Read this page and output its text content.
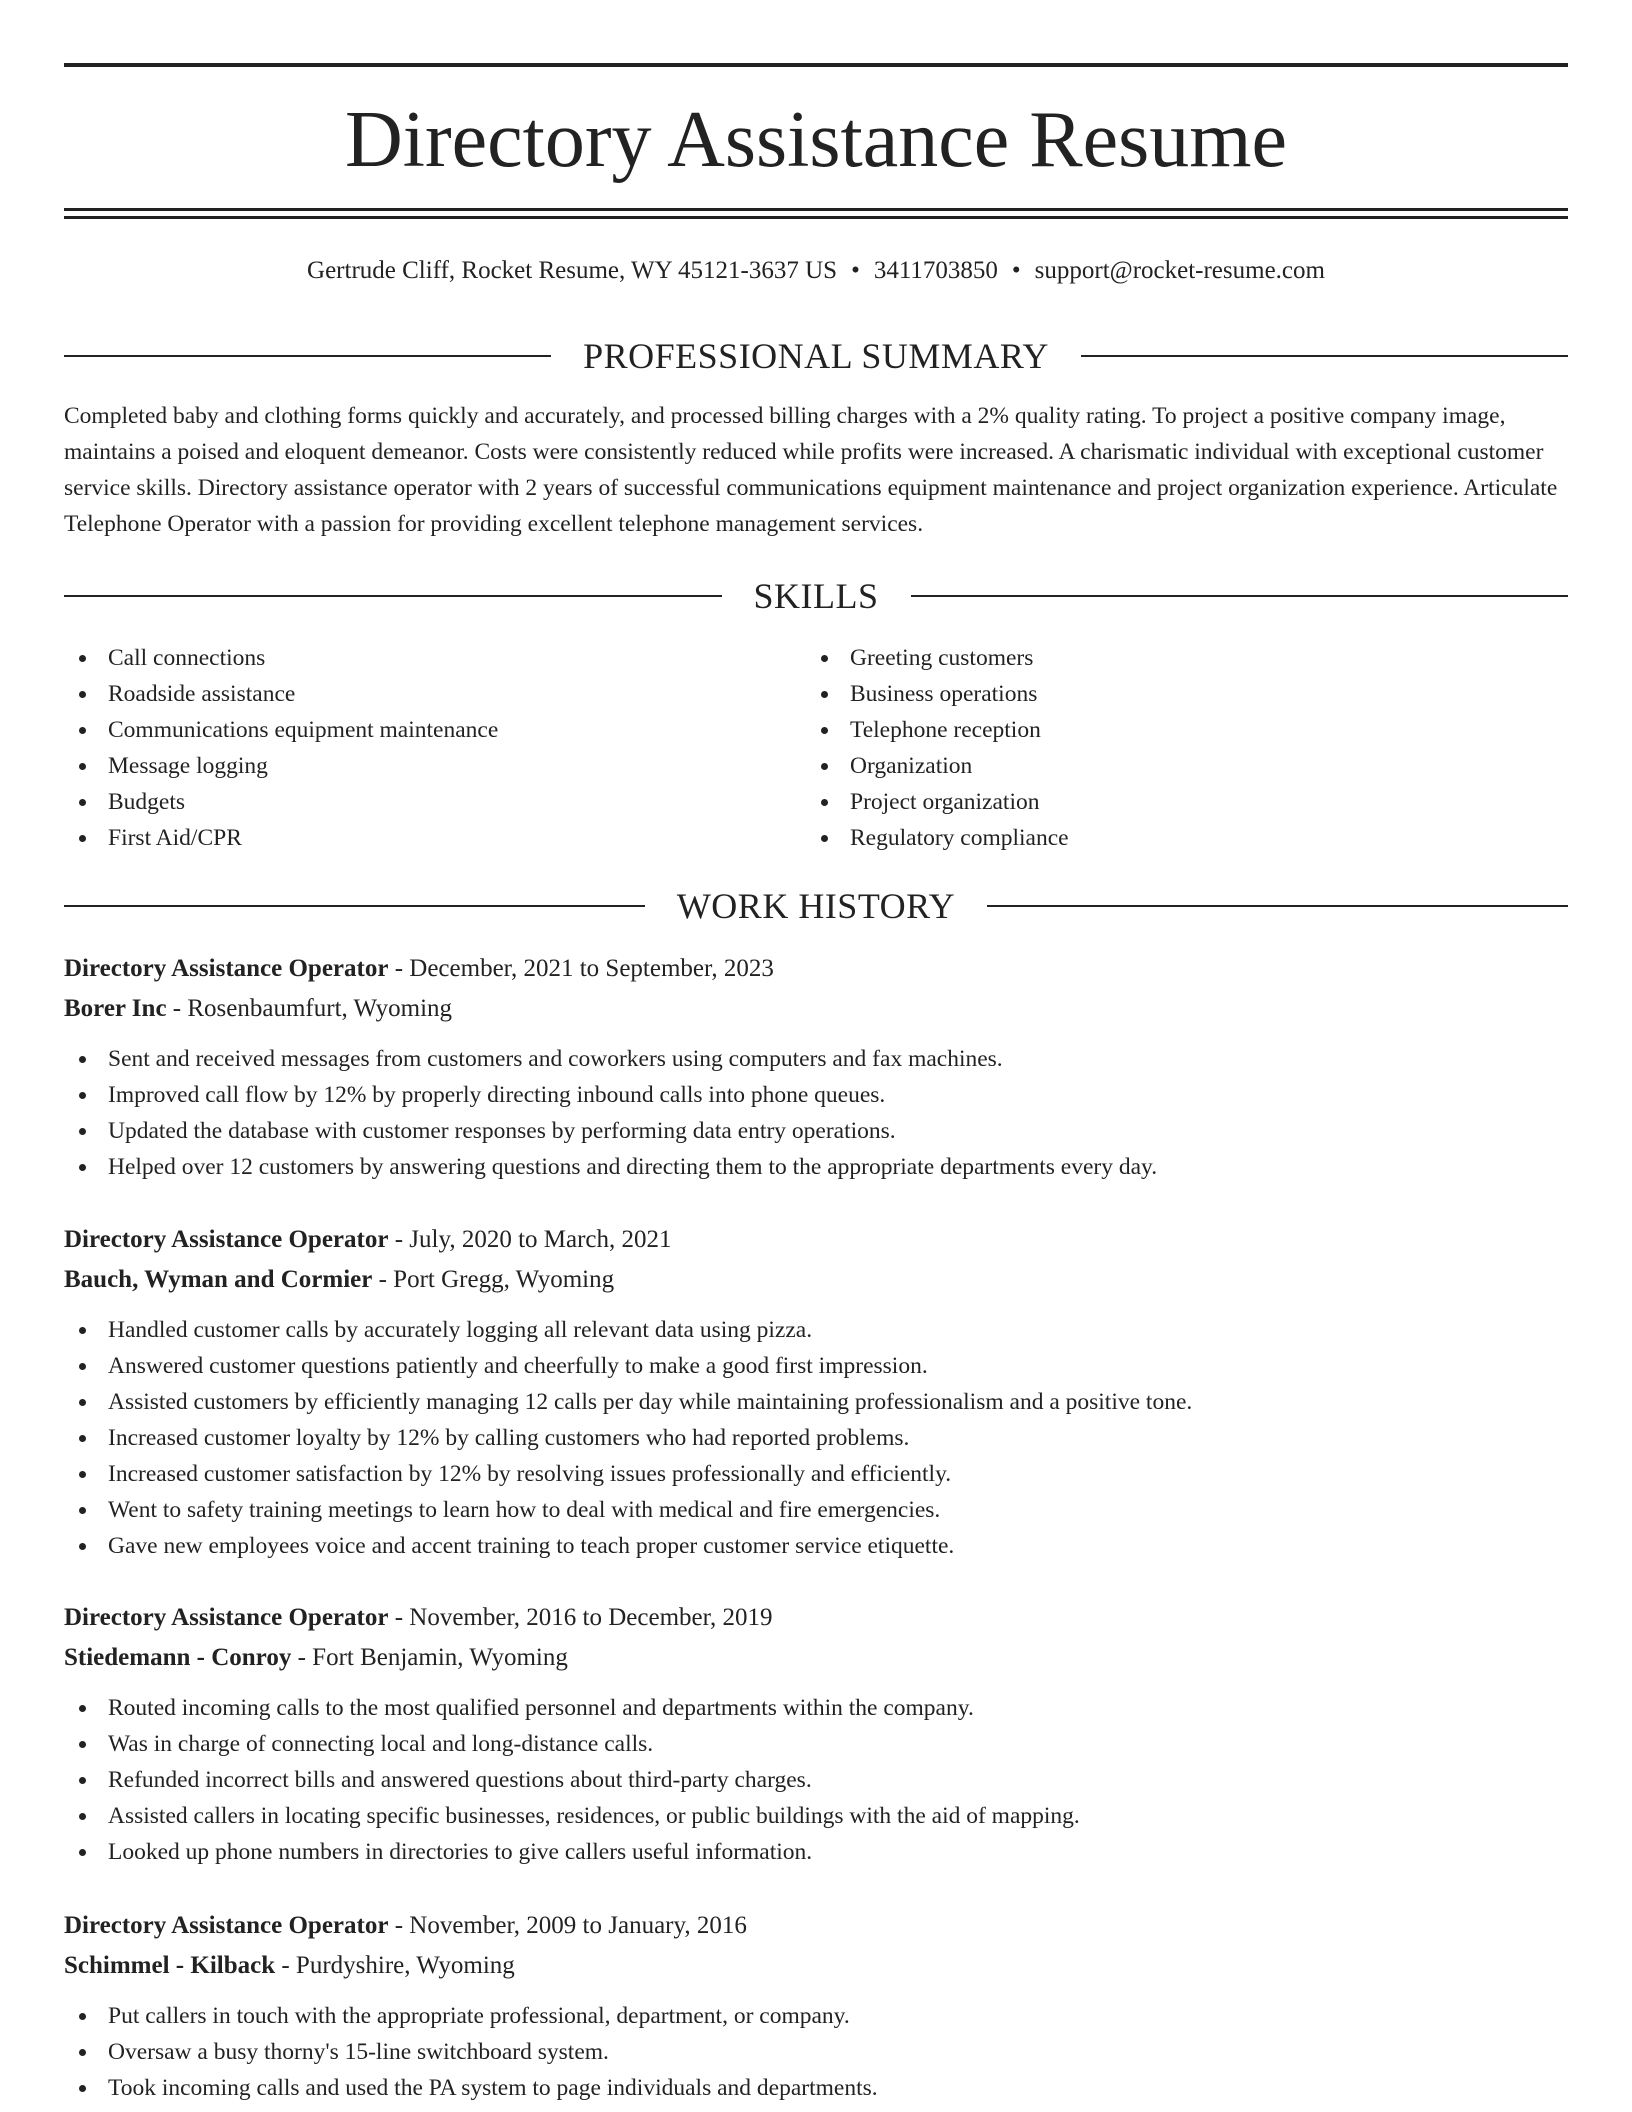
Directory Assistance Resume
Gertrude Cliff, Rocket Resume, WY 45121-3637 US • 3411703850 • support@rocket-resume.com
PROFESSIONAL SUMMARY

Completed baby and clothing forms quickly and accurately, and processed billing charges with a 2% quality rating. To project a positive company image, maintains a poised and eloquent demeanor. Costs were consistently reduced while profits were increased. A charismatic individual with exceptional customer service skills. Directory assistance operator with 2 years of successful communications equipment maintenance and project organization experience. Articulate Telephone Operator with a passion for providing excellent telephone management services.

SKILLS
Call connections
Roadside assistance
Communications equipment maintenance
Message logging
Budgets
First Aid/CPR
Greeting customers
Business operations
Telephone reception
Organization
Project organization
Regulatory compliance
WORK HISTORY
Directory Assistance Operator - December, 2021 to September, 2023
Borer Inc - Rosenbaumfurt, Wyoming
Sent and received messages from customers and coworkers using computers and fax machines.
Improved call flow by 12% by properly directing inbound calls into phone queues.
Updated the database with customer responses by performing data entry operations.
Helped over 12 customers by answering questions and directing them to the appropriate departments every day.
Directory Assistance Operator - July, 2020 to March, 2021
Bauch, Wyman and Cormier - Port Gregg, Wyoming
Handled customer calls by accurately logging all relevant data using pizza.
Answered customer questions patiently and cheerfully to make a good first impression.
Assisted customers by efficiently managing 12 calls per day while maintaining professionalism and a positive tone.
Increased customer loyalty by 12% by calling customers who had reported problems.
Increased customer satisfaction by 12% by resolving issues professionally and efficiently.
Went to safety training meetings to learn how to deal with medical and fire emergencies.
Gave new employees voice and accent training to teach proper customer service etiquette.
Directory Assistance Operator - November, 2016 to December, 2019
Stiedemann - Conroy - Fort Benjamin, Wyoming
Routed incoming calls to the most qualified personnel and departments within the company.
Was in charge of connecting local and long-distance calls.
Refunded incorrect bills and answered questions about third-party charges.
Assisted callers in locating specific businesses, residences, or public buildings with the aid of mapping.
Looked up phone numbers in directories to give callers useful information.
Directory Assistance Operator - November, 2009 to January, 2016
Schimmel - Kilback - Purdyshire, Wyoming
Put callers in touch with the appropriate professional, department, or company.
Oversaw a busy thorny's 15-line switchboard system.
Took incoming calls and used the PA system to page individuals and departments.
